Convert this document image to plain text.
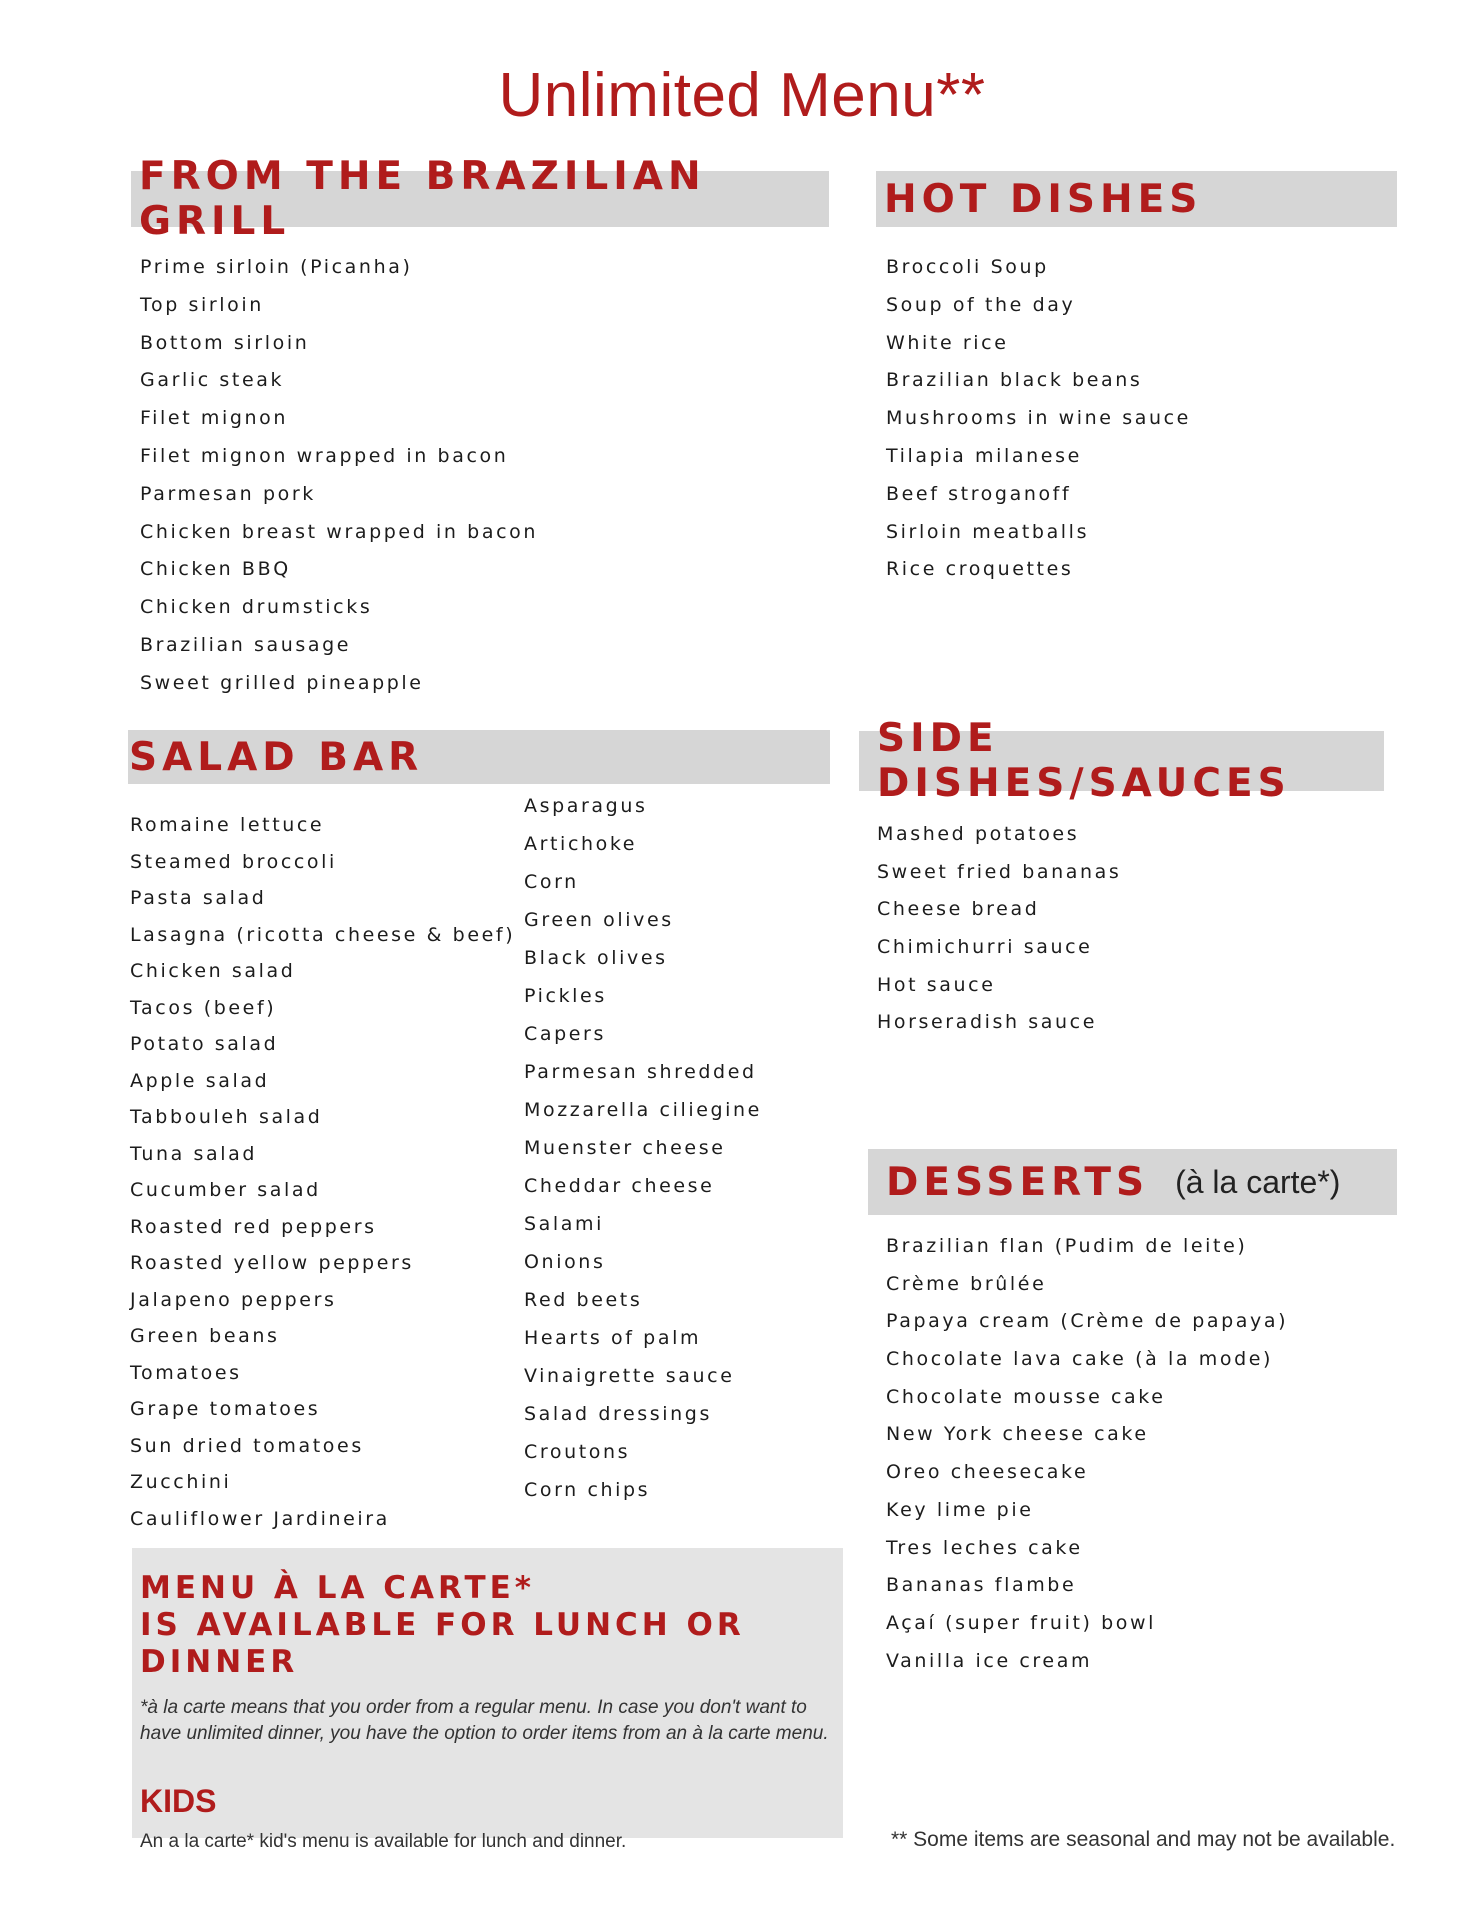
Unlimited Menu**
FROM THE BRAZILIAN GRILL
Prime sirloin (Picanha)
Top sirloin
Bottom sirloin
Garlic steak
Filet mignon
Filet mignon wrapped in bacon
Parmesan pork
Chicken breast wrapped in bacon
Chicken BBQ
Chicken drumsticks
Brazilian sausage
Sweet grilled pineapple
HOT DISHES
Broccoli Soup
Soup of the day
White rice
Brazilian black beans
Mushrooms in wine sauce
Tilapia milanese
Beef stroganoff
Sirloin meatballs
Rice croquettes
SALAD BAR
Romaine lettuce
Steamed broccoli
Pasta salad
Lasagna (ricotta cheese & beef)
Chicken salad
Tacos (beef)
Potato salad
Apple salad
Tabbouleh salad
Tuna salad
Cucumber salad
Roasted red peppers
Roasted yellow peppers
Jalapeno peppers
Green beans
Tomatoes
Grape tomatoes
Sun dried tomatoes
Zucchini
Cauliflower Jardineira
Asparagus
Artichoke
Corn
Green olives
Black olives
Pickles
Capers
Parmesan shredded
Mozzarella ciliegine
Muenster cheese
Cheddar cheese
Salami
Onions
Red beets
Hearts of palm
Vinaigrette sauce
Salad dressings
Croutons
Corn chips
SIDE DISHES/SAUCES
Mashed potatoes
Sweet fried bananas
Cheese bread
Chimichurri sauce
Hot sauce
Horseradish sauce
DESSERTS (à la carte*)
Brazilian flan (Pudim de leite)
Crème brûlée
Papaya cream (Crème de papaya)
Chocolate lava cake (à la mode)
Chocolate mousse cake
New York cheese cake
Oreo cheesecake
Key lime pie
Tres leches cake
Bananas flambe
Açaí (super fruit) bowl
Vanilla ice cream
MENU À LA CARTE*
IS AVAILABLE FOR LUNCH OR DINNER

*à la carte means that you order from a regular menu. In case you don't want to have unlimited dinner, you have the option to order items from an à la carte menu.

KIDS

An a la carte* kid's menu is available for lunch and dinner.	** Some items are seasonal and may not be available.
